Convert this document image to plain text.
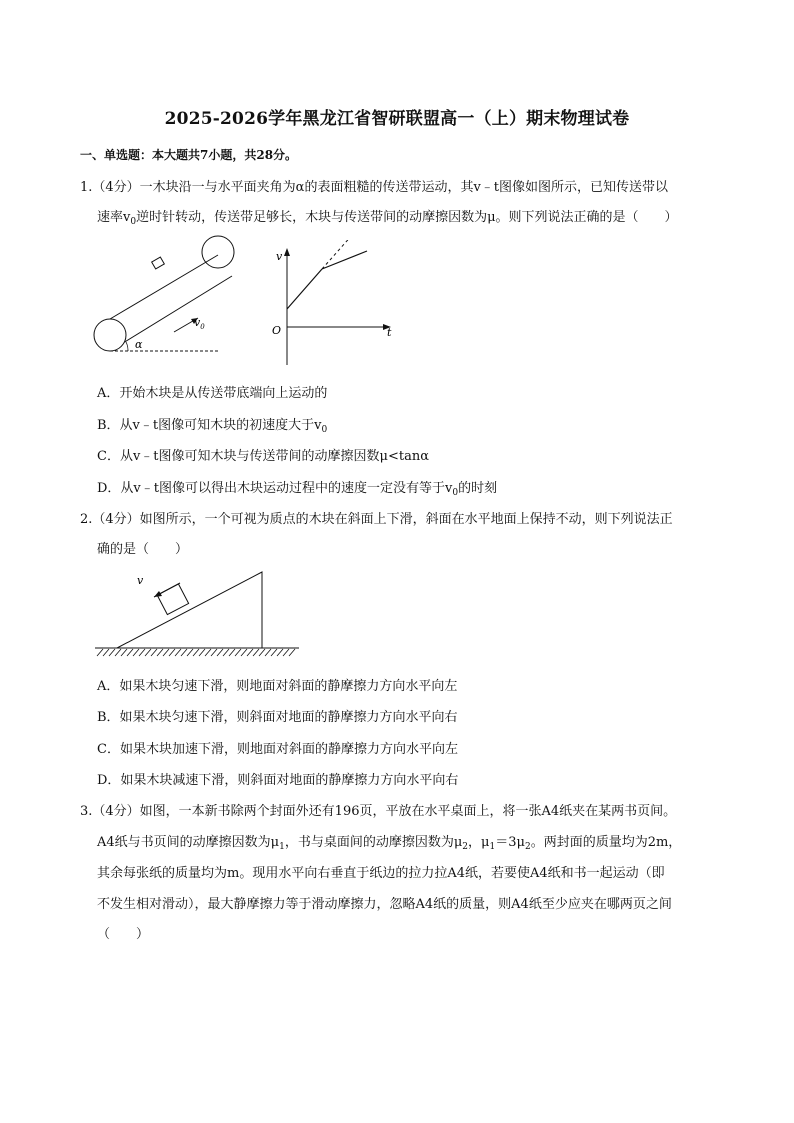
2025-2026学年黑龙江省智研联盟高一（上）期末物理试卷
一、单选题：本大题共7小题，共28分。
1.（4分）一木块沿一与水平面夹角为α的表面粗糙的传送带运动，其v﹣t图像如图所示，已知传送带以
速率$v_0$逆时针转动，传送带足够长，木块与传送带间的动摩擦因数为μ。则下列说法正确的是（　　）
$v_0$
α
v
t
O
A．开始木块是从传送带底端向上运动的
B．从v﹣t图像可知木块的初速度大于$v_0$
C．从v﹣t图像可知木块与传送带间的动摩擦因数μ<tanα
D．从v﹣t图像可以得出木块运动过程中的速度一定没有等于$v_0$的时刻
2.（4分）如图所示，一个可视为质点的木块在斜面上下滑，斜面在水平地面上保持不动，则下列说法正
确的是（　　）
v
A．如果木块匀速下滑，则地面对斜面的静摩擦力方向水平向左
B．如果木块匀速下滑，则斜面对地面的静摩擦力方向水平向右
C．如果木块加速下滑，则地面对斜面的静摩擦力方向水平向左
D．如果木块减速下滑，则斜面对地面的静摩擦力方向水平向右
3.（4分）如图，一本新书除两个封面外还有196页，平放在水平桌面上，将一张A4纸夹在某两书页间。
A4纸与书页间的动摩擦因数为$\mu_1$，书与桌面间的动摩擦因数为$\mu_2$，$\mu_1=3\mu_2$。两封面的质量均为2m，
其余每张纸的质量均为m。现用水平向右垂直于纸边的拉力拉A4纸，若要使A4纸和书一起运动（即
不发生相对滑动），最大静摩擦力等于滑动摩擦力，忽略A4纸的质量，则A4纸至少应夹在哪两页之间
（　　）
